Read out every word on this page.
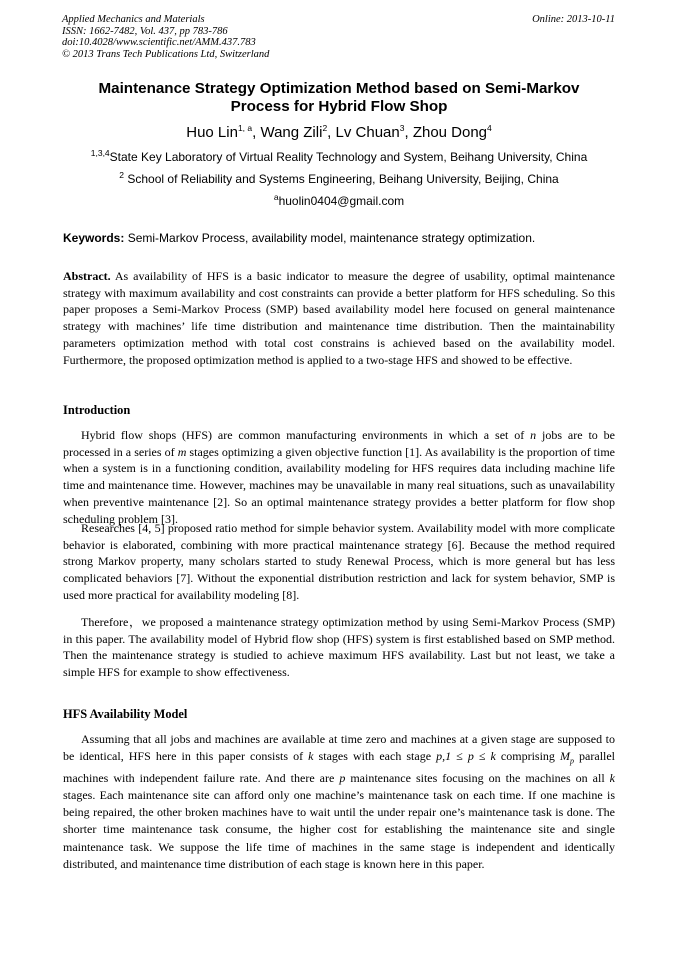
Applied Mechanics and Materials
ISSN: 1662-7482, Vol. 437, pp 783-786
doi:10.4028/www.scientific.net/AMM.437.783
© 2013 Trans Tech Publications Ltd, Switzerland
Online: 2013-10-11
Maintenance Strategy Optimization Method based on Semi-Markov
Process for Hybrid Flow Shop
Huo Lin$^{1, a}$, Wang Zili$^2$, Lv Chuan$^3$, Zhou Dong$^4$
$^{1,3,4}$State Key Laboratory of Virtual Reality Technology and System, Beihang University, China
$^2$ School of Reliability and Systems Engineering, Beihang University, Beijing, China
$^a$huolin0404@gmail.com
Keywords: Semi-Markov Process, availability model, maintenance strategy optimization.
Abstract. As availability of HFS is a basic indicator to measure the degree of usability, optimal maintenance strategy with maximum availability and cost constraints can provide a better platform for HFS scheduling. So this paper proposes a Semi-Markov Process (SMP) based availability model here focused on general maintenance strategy with machines’ life time distribution and maintenance time distribution. Then the maintainability parameters optimization method with total cost constrains is achieved based on the availability model. Furthermore, the proposed optimization method is applied to a two-stage HFS and showed to be effective.
Introduction
Hybrid flow shops (HFS) are common manufacturing environments in which a set of n jobs are to be processed in a series of m stages optimizing a given objective function [1]. As availability is the proportion of time when a system is in a functioning condition, availability modeling for HFS requires data including machine life time and maintenance time. However, machines may be unavailable in many real situations, such as unavailability when preventive maintenance [2]. So an optimal maintenance strategy provides a better platform for flow shop scheduling problem [3].
Researches [4, 5] proposed ratio method for simple behavior system. Availability model with more complicate behavior is elaborated, combining with more practical maintenance strategy [6]. Because the method required strong Markov property, many scholars started to study Renewal Process, which is more general but has less complicated behaviors [7]. Without the exponential distribution restriction and lack for system behavior, SMP is used more practical for availability modeling [8].
Therefore，we proposed a maintenance strategy optimization method by using Semi-Markov Process (SMP) in this paper. The availability model of Hybrid flow shop (HFS) system is first established based on SMP method. Then the maintenance strategy is studied to achieve maximum HFS availability. Last but not least, we take a simple HFS for example to show effectiveness.
HFS Availability Model
Assuming that all jobs and machines are available at time zero and machines at a given stage are supposed to be identical, HFS here in this paper consists of k stages with each stage p,1 ≤ p ≤ k comprising $M_p$ parallel machines with independent failure rate. And there are p maintenance sites focusing on the machines on all k stages. Each maintenance site can afford only one machine’s maintenance task on each time. If one machine is being repaired, the other broken machines have to wait until the under repair one’s maintenance task is done. The shorter time maintenance task consume, the higher cost for establishing the maintenance site and single maintenance task. We suppose the life time of machines in the same stage is independent and identically distributed, and maintenance time distribution of each stage is known here in this paper.
